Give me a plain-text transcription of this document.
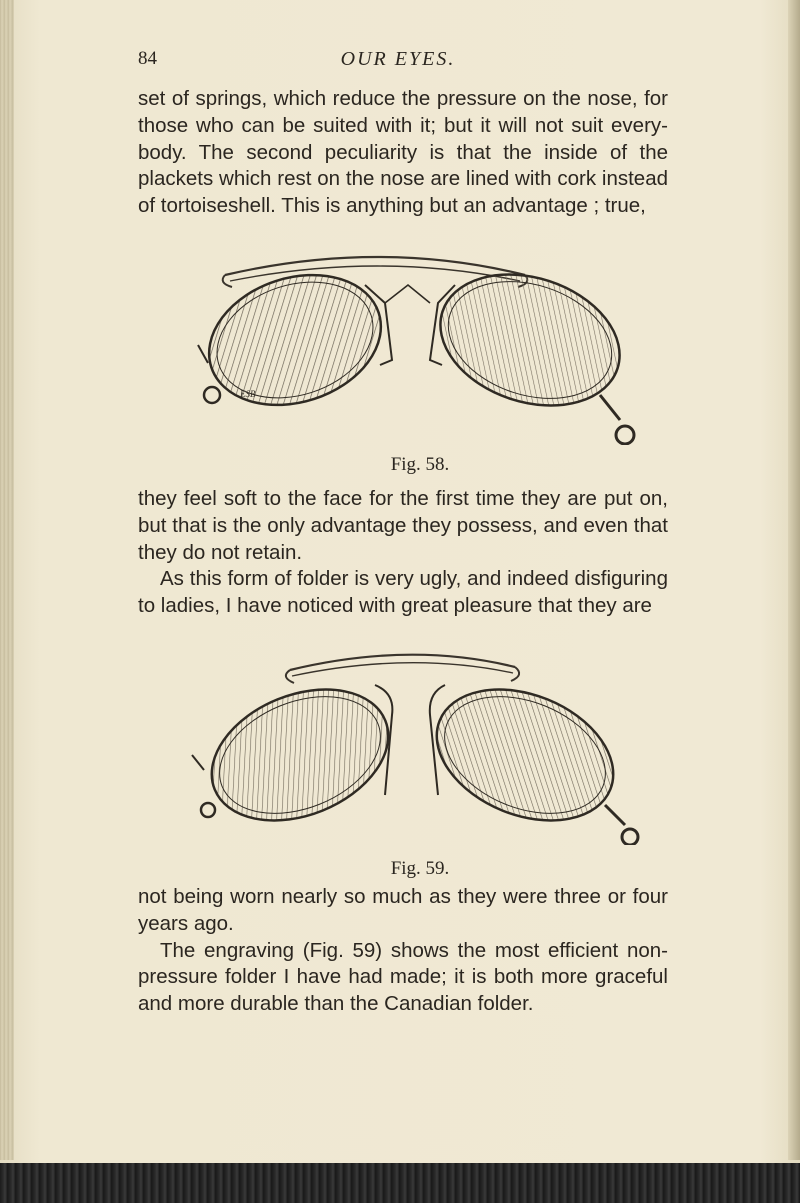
84	OUR EYES.

set of springs, which reduce the pressure on the nose, for those who can be suited with it; but it will not suit every-body. The second peculiarity is that the inside of the plackets which rest on the nose are lined with cork instead of tortoiseshell. This is anything but an advantage ; true,

ESB
Fig. 58.

they feel soft to the face for the first time they are put on, but that is the only advantage they possess, and even that they do not retain.

As this form of folder is very ugly, and indeed disfiguring to ladies, I have noticed with great pleasure that they are

Fig. 59.

not being worn nearly so much as they were three or four years ago.

The engraving (Fig. 59) shows the most efficient non-pressure folder I have had made; it is both more graceful and more durable than the Canadian folder.
